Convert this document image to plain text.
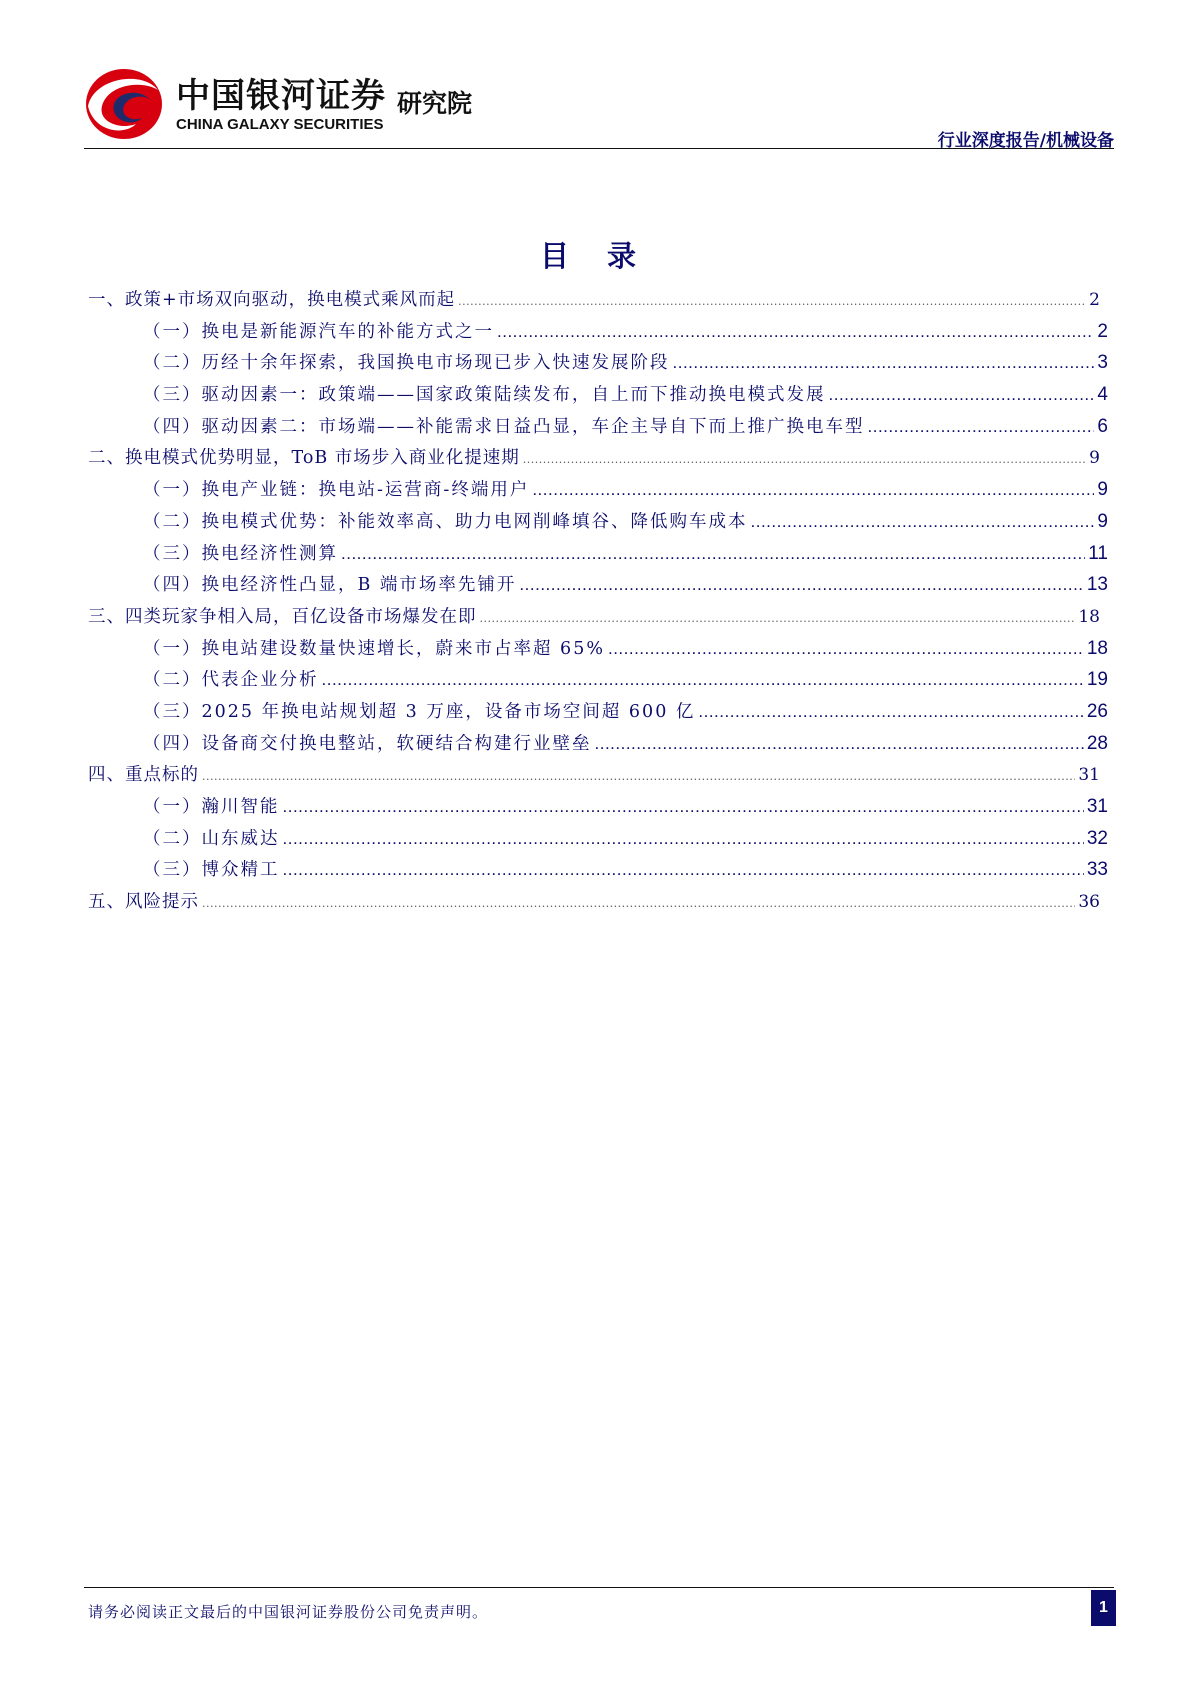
中国银河证券
CHINA GALAXY SECURITIES
研究院
行业深度报告/机械设备
目 录
一、政策+市场双向驱动，换电模式乘风而起 .....	2
（一）换电是新能源汽车的补能方式之一 .....	2
（二）历经十余年探索，我国换电市场现已步入快速发展阶段 .....	3
（三）驱动因素一：政策端——国家政策陆续发布，自上而下推动换电模式发展 .....	4
（四）驱动因素二：市场端——补能需求日益凸显，车企主导自下而上推广换电车型 .....	6
二、换电模式优势明显，ToB 市场步入商业化提速期 .....	9
（一）换电产业链：换电站-运营商-终端用户 .....	9
（二）换电模式优势：补能效率高、助力电网削峰填谷、降低购车成本 .....	9
（三）换电经济性测算 .....	11
（四）换电经济性凸显，B 端市场率先铺开 .....	13
三、四类玩家争相入局，百亿设备市场爆发在即 .....	18
（一）换电站建设数量快速增长，蔚来市占率超 65% .....	18
（二）代表企业分析 .....	19
（三）2025 年换电站规划超 3 万座，设备市场空间超 600 亿 .....	26
（四）设备商交付换电整站，软硬结合构建行业壁垒 .....	28
四、重点标的 .....	31
（一）瀚川智能 .....	31
（二）山东威达 .....	32
（三）博众精工 .....	33
五、风险提示 .....	36
请务必阅读正文最后的中国银河证券股份公司免责声明。	1
